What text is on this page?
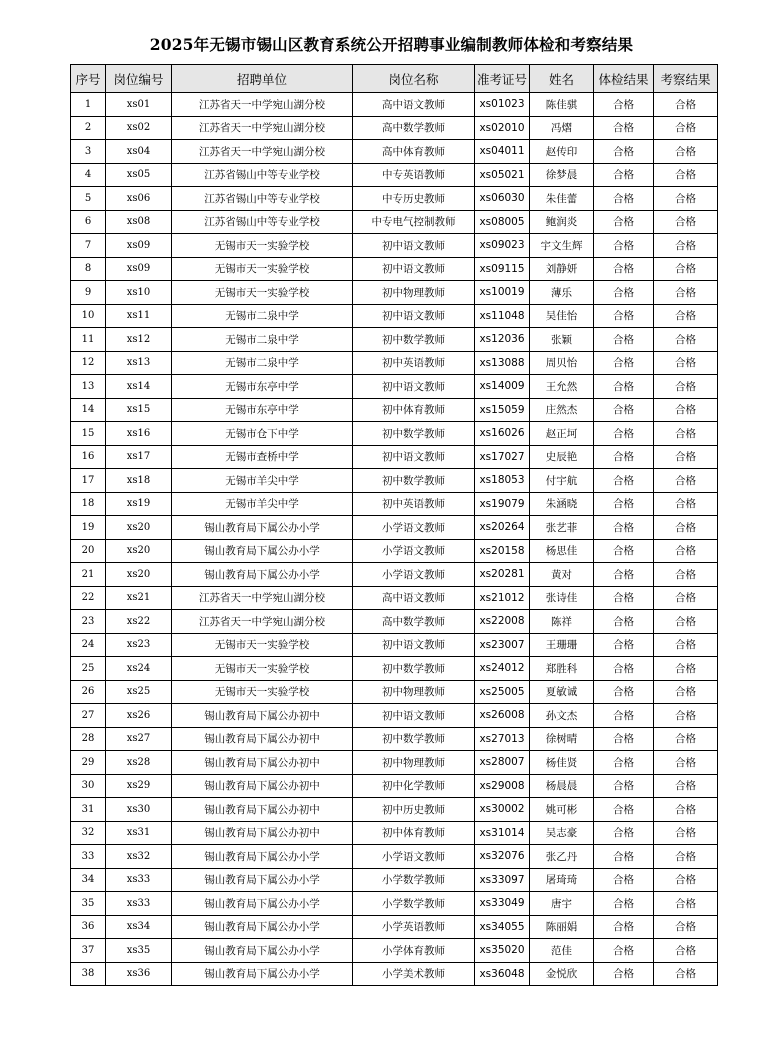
2025年无锡市锡山区教育系统公开招聘事业编制教师体检和考察结果
序号	岗位编号	招聘单位	岗位名称	准考证号	姓名	体检结果	考察结果
1	xs01	江苏省天一中学宛山湖分校	高中语文教师	xs01023	陈佳骐	合格	合格
2	xs02	江苏省天一中学宛山湖分校	高中数学教师	xs02010	冯熠	合格	合格
3	xs04	江苏省天一中学宛山湖分校	高中体育教师	xs04011	赵传印	合格	合格
4	xs05	江苏省锡山中等专业学校	中专英语教师	xs05021	徐梦晨	合格	合格
5	xs06	江苏省锡山中等专业学校	中专历史教师	xs06030	朱佳蕾	合格	合格
6	xs08	江苏省锡山中等专业学校	中专电气控制教师	xs08005	鲍润炎	合格	合格
7	xs09	无锡市天一实验学校	初中语文教师	xs09023	宇文生辉	合格	合格
8	xs09	无锡市天一实验学校	初中语文教师	xs09115	刘静妍	合格	合格
9	xs10	无锡市天一实验学校	初中物理教师	xs10019	薄乐	合格	合格
10	xs11	无锡市二泉中学	初中语文教师	xs11048	吴佳怡	合格	合格
11	xs12	无锡市二泉中学	初中数学教师	xs12036	张颖	合格	合格
12	xs13	无锡市二泉中学	初中英语教师	xs13088	周贝怡	合格	合格
13	xs14	无锡市东亭中学	初中语文教师	xs14009	王允然	合格	合格
14	xs15	无锡市东亭中学	初中体育教师	xs15059	庄然杰	合格	合格
15	xs16	无锡市仓下中学	初中数学教师	xs16026	赵正坷	合格	合格
16	xs17	无锡市查桥中学	初中语文教师	xs17027	史辰艳	合格	合格
17	xs18	无锡市羊尖中学	初中数学教师	xs18053	付宇航	合格	合格
18	xs19	无锡市羊尖中学	初中英语教师	xs19079	朱涵晓	合格	合格
19	xs20	锡山教育局下属公办小学	小学语文教师	xs20264	张艺菲	合格	合格
20	xs20	锡山教育局下属公办小学	小学语文教师	xs20158	杨思佳	合格	合格
21	xs20	锡山教育局下属公办小学	小学语文教师	xs20281	黄对	合格	合格
22	xs21	江苏省天一中学宛山湖分校	高中语文教师	xs21012	张诗佳	合格	合格
23	xs22	江苏省天一中学宛山湖分校	高中数学教师	xs22008	陈祥	合格	合格
24	xs23	无锡市天一实验学校	初中语文教师	xs23007	王珊珊	合格	合格
25	xs24	无锡市天一实验学校	初中数学教师	xs24012	郑胜科	合格	合格
26	xs25	无锡市天一实验学校	初中物理教师	xs25005	夏敏诚	合格	合格
27	xs26	锡山教育局下属公办初中	初中语文教师	xs26008	孙文杰	合格	合格
28	xs27	锡山教育局下属公办初中	初中数学教师	xs27013	徐树晴	合格	合格
29	xs28	锡山教育局下属公办初中	初中物理教师	xs28007	杨佳贤	合格	合格
30	xs29	锡山教育局下属公办初中	初中化学教师	xs29008	杨晨晨	合格	合格
31	xs30	锡山教育局下属公办初中	初中历史教师	xs30002	姚可彬	合格	合格
32	xs31	锡山教育局下属公办初中	初中体育教师	xs31014	吴志豪	合格	合格
33	xs32	锡山教育局下属公办小学	小学语文教师	xs32076	张乙丹	合格	合格
34	xs33	锡山教育局下属公办小学	小学数学教师	xs33097	屠琦琦	合格	合格
35	xs33	锡山教育局下属公办小学	小学数学教师	xs33049	唐宇	合格	合格
36	xs34	锡山教育局下属公办小学	小学英语教师	xs34055	陈丽娟	合格	合格
37	xs35	锡山教育局下属公办小学	小学体育教师	xs35020	范佳	合格	合格
38	xs36	锡山教育局下属公办小学	小学美术教师	xs36048	金悦欣	合格	合格
